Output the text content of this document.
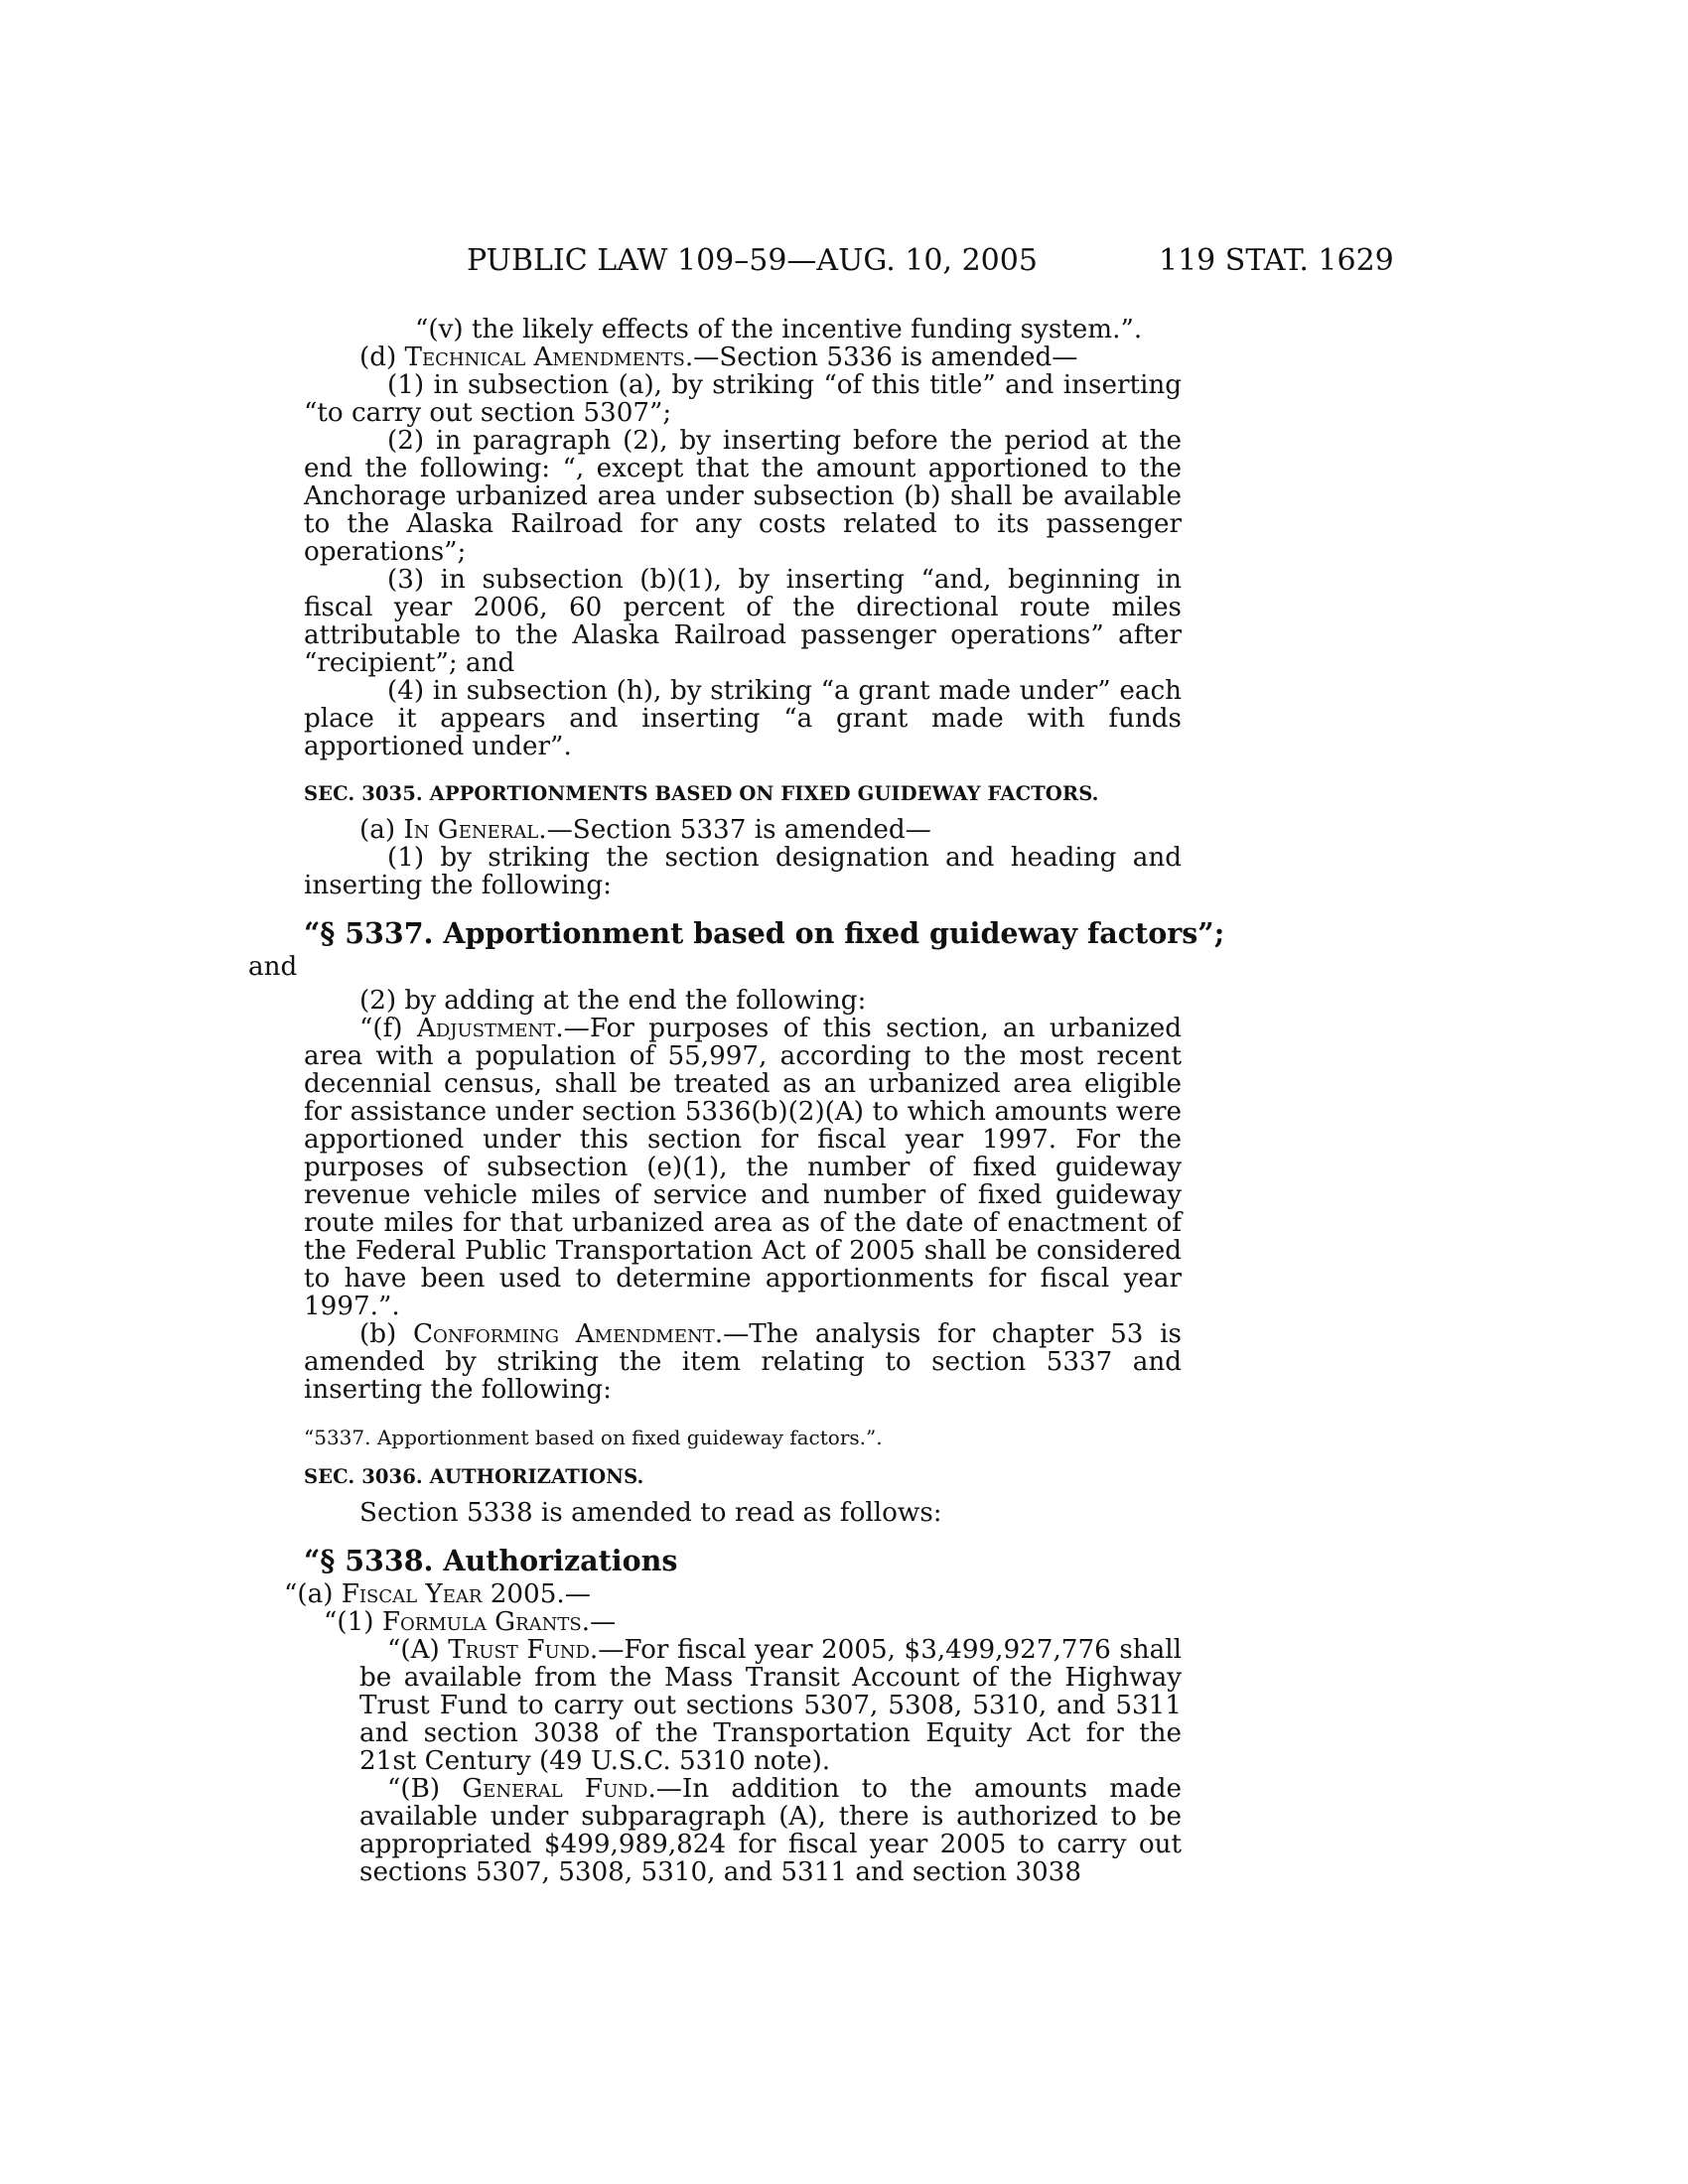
PUBLIC LAW 109–59—AUG. 10, 2005	119 STAT. 1629

“(v) the likely effects of the incentive funding system.”.

(d) Technical Amendments.—Section 5336 is amended—

(1) in subsection (a), by striking “of this title” and inserting “to carry out section 5307”;

(2) in paragraph (2), by inserting before the period at the end the following: “, except that the amount apportioned to the Anchorage urbanized area under subsection (b) shall be available to the Alaska Railroad for any costs related to its passenger operations”;

(3) in subsection (b)(1), by inserting “and, beginning in fiscal year 2006, 60 percent of the directional route miles attributable to the Alaska Railroad passenger operations” after “recipient”; and

(4) in subsection (h), by striking “a grant made under” each place it appears and inserting “a grant made with funds apportioned under”.

SEC. 3035. APPORTIONMENTS BASED ON FIXED GUIDEWAY FACTORS.

(a) In General.—Section 5337 is amended—

(1) by striking the section designation and heading and inserting the following:

“§ 5337. Apportionment based on fixed guideway factors”;

and

(2) by adding at the end the following:

“(f) Adjustment.—For purposes of this section, an urbanized area with a population of 55,997, according to the most recent decennial census, shall be treated as an urbanized area eligible for assistance under section 5336(b)(2)(A) to which amounts were apportioned under this section for fiscal year 1997. For the purposes of subsection (e)(1), the number of fixed guideway revenue vehicle miles of service and number of fixed guideway route miles for that urbanized area as of the date of enactment of the Federal Public Transportation Act of 2005 shall be considered to have been used to determine apportionments for fiscal year 1997.”.

(b) Conforming Amendment.—The analysis for chapter 53 is amended by striking the item relating to section 5337 and inserting the following:

“5337. Apportionment based on fixed guideway factors.”.

SEC. 3036. AUTHORIZATIONS.

Section 5338 is amended to read as follows:

“§ 5338. Authorizations

“(a) Fiscal Year 2005.—

“(1) Formula Grants.—

“(A) Trust Fund.—For fiscal year 2005, $3,499,927,776 shall be available from the Mass Transit Account of the Highway Trust Fund to carry out sections 5307, 5308, 5310, and 5311 and section 3038 of the Transportation Equity Act for the 21st Century (49 U.S.C. 5310 note).

“(B) General Fund.—In addition to the amounts made available under subparagraph (A), there is authorized to be appropriated $499,989,824 for fiscal year 2005 to carry out sections 5307, 5308, 5310, and 5311 and section 3038
